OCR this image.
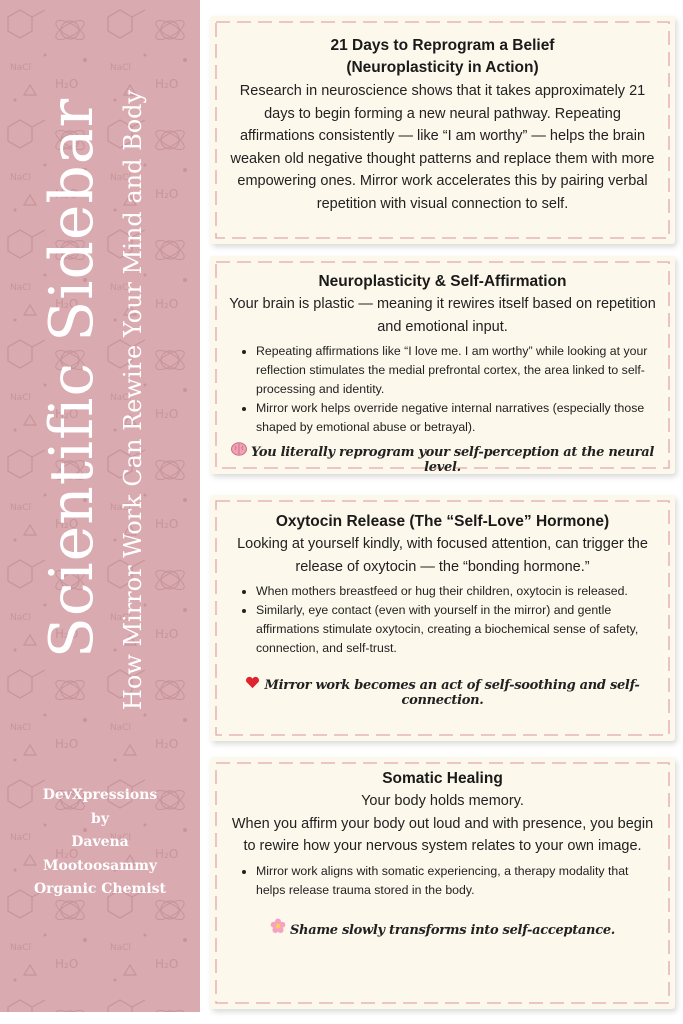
Scientific Sidebar How Mirror Work Can Rewire Your Mind and Body
DevXpressions
by
Davena
Mootoosammy
Organic Chemist
21 Days to Reprogram a Belief
(Neuroplasticity in Action)

Research in neuroscience shows that it takes approximately 21 days to begin forming a new neural pathway. Repeating affirmations consistently — like “I am worthy” — helps the brain weaken old negative thought patterns and replace them with more empowering ones. Mirror work accelerates this by pairing verbal repetition with visual connection to self.

Neuroplasticity & Self-Affirmation

Your brain is plastic — meaning it rewires itself based on repetition and emotional input.

• Repeating affirmations like “I love me. I am worthy” while looking at your reflection stimulates the medial prefrontal cortex, the area linked to self-processing and identity.
• Mirror work helps override negative internal narratives (especially those shaped by emotional abuse or betrayal).
You literally reprogram your self-perception at the neural level.
Oxytocin Release (The “Self-Love” Hormone)

Looking at yourself kindly, with focused attention, can trigger the release of oxytocin — the “bonding hormone.”

• When mothers breastfeed or hug their children, oxytocin is released.
• Similarly, eye contact (even with yourself in the mirror) and gentle affirmations stimulate oxytocin, creating a biochemical sense of safety, connection, and self-trust.
Mirror work becomes an act of self-soothing and self-connection.
Somatic Healing

Your body holds memory.

When you affirm your body out loud and with presence, you begin to rewire how your nervous system relates to your own image.

• Mirror work aligns with somatic experiencing, a therapy modality that helps release trauma stored in the body.
Shame slowly transforms into self-acceptance.
